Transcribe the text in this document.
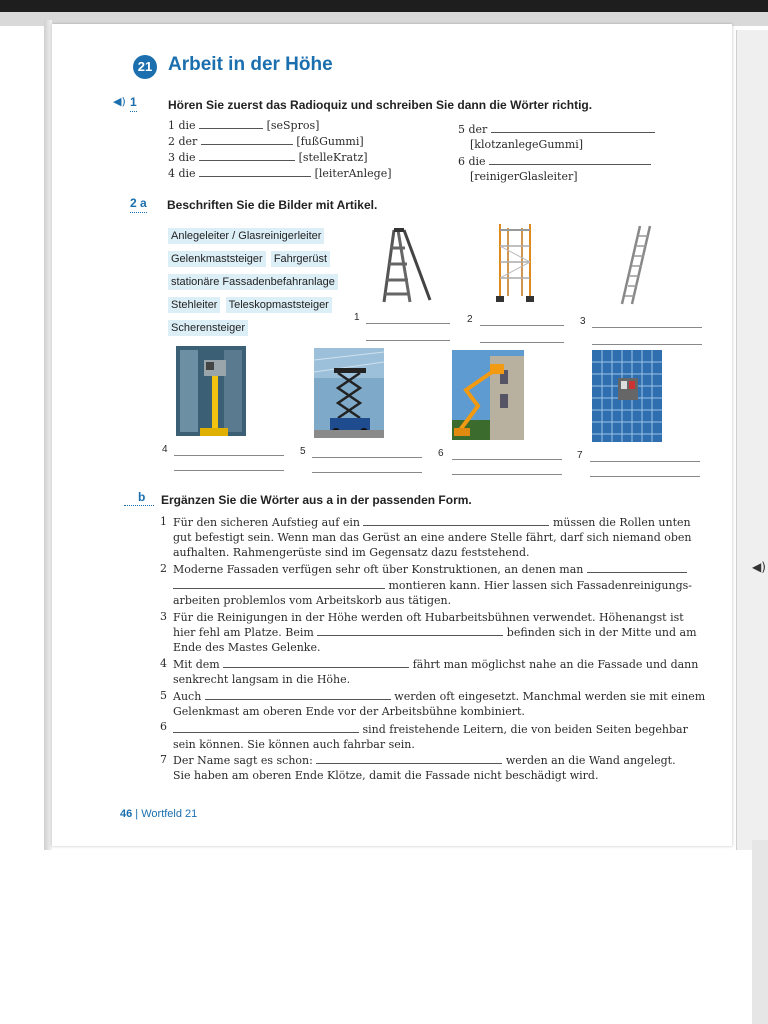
◀)
21 Arbeit in der Höhe
◀) 1	Hören Sie zuerst das Radioquiz und schreiben Sie dann die Wörter richtig.
1 die	[seSpros]
2 der	[fußGummi]
3 die	[stelleKratz]
4 die	[leiterAnlege]
5 der
[klotzanlegeGummi]
6 die
[reinigerGlasleiter]
2 a Beschriften Sie die Bilder mit Artikel.
Anlegeleiter / Glasreinigerleiter
Gelenkmaststeiger Fahrgerüst
stationäre Fassadenbefahranlage
Stehleiter Teleskopmaststeiger
Scherensteiger
1	2	3
4	5	6	7
b Ergänzen Sie die Wörter aus a in der passenden Form.
1 Für den sicheren Aufstieg auf ein	müssen die Rollen unten
gut befestigt sein. Wenn man das Gerüst an eine andere Stelle fährt, darf sich niemand oben
aufhalten. Rahmengerüste sind im Gegensatz dazu feststehend.
2 Moderne Fassaden verfügen sehr oft über Konstruktionen, an denen man
montieren kann. Hier lassen sich Fassadenreinigungs-
arbeiten problemlos vom Arbeitskorb aus tätigen.
3 Für die Reinigungen in der Höhe werden oft Hubarbeitsbühnen verwendet. Höhenangst ist
hier fehl am Platze. Beim	befinden sich in der Mitte und am
Ende des Mastes Gelenke.
4 Mit dem	fährt man möglichst nahe an die Fassade und dann
senkrecht langsam in die Höhe.
5 Auch	werden oft eingesetzt. Manchmal werden sie mit einem
Gelenkmast am oberen Ende vor der Arbeitsbühne kombiniert.
6	sind freistehende Leitern, die von beiden Seiten begehbar
sein können. Sie können auch fahrbar sein.
7 Der Name sagt es schon:	werden an die Wand angelegt.
Sie haben am oberen Ende Klötze, damit die Fassade nicht beschädigt wird.
46 | Wortfeld 21
